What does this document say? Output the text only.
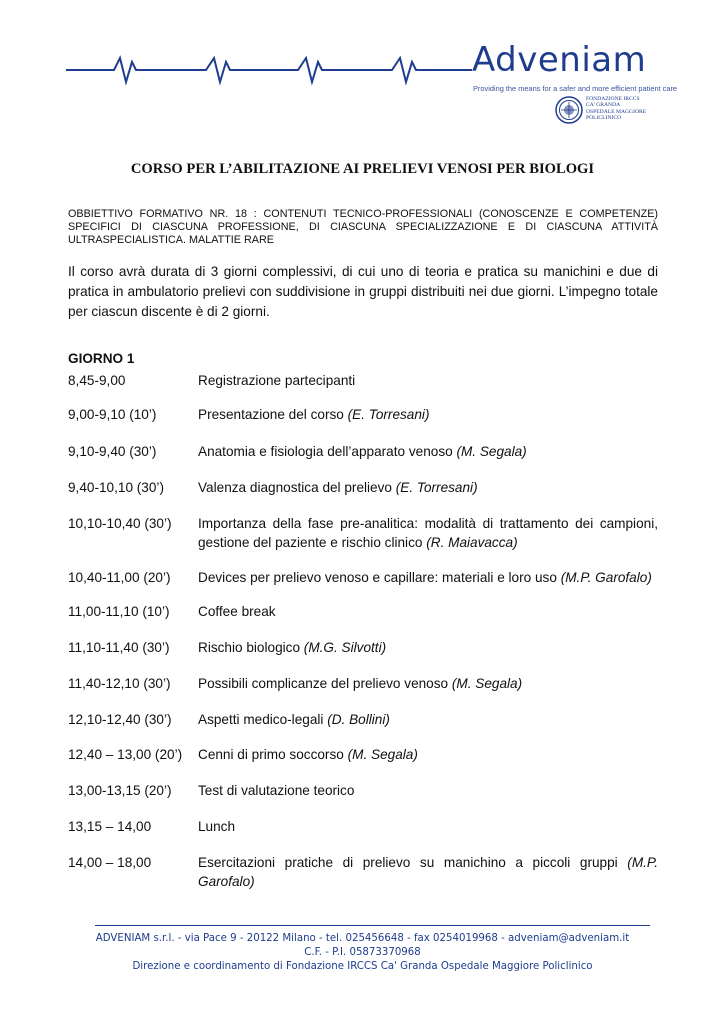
Adveniam
Providing the means for a safer and more efficient patient care
FONDAZIONE IRCCS
CA' GRANDA
OSPEDALE MAGGIORE
POLICLINICO
CORSO PER L’ABILITAZIONE AI PRELIEVI VENOSI PER BIOLOGI
OBBIETTIVO FORMATIVO NR. 18 : CONTENUTI TECNICO-PROFESSIONALI (CONOSCENZE E COMPETENZE) SPECIFICI DI CIASCUNA PROFESSIONE, DI CIASCUNA SPECIALIZZAZIONE E DI CIASCUNA ATTIVITÀ ULTRASPECIALISTICA. MALATTIE RARE
Il corso avrà durata di 3 giorni complessivi, di cui uno di teoria e pratica su manichini e due di pratica in ambulatorio prelievi con suddivisione in gruppi distribuiti nei due giorni. L’impegno totale per ciascun discente è di 2 giorni.
GIORNO 1
8,45-9,00	Registrazione partecipanti
9,00-9,10 (10’)	Presentazione del corso (E. Torresani)
9,10-9,40 (30’)	Anatomia e fisiologia dell’apparato venoso (M. Segala)
9,40-10,10 (30’)	Valenza diagnostica del prelievo (E. Torresani)
10,10-10,40 (30’) Importanza della fase pre-analitica: modalità di trattamento dei campioni, gestione del paziente e rischio clinico (R. Maiavacca)
10,40-11,00 (20’) Devices per prelievo venoso e capillare: materiali e loro uso (M.P. Garofalo)
11,00-11,10 (10’) Coffee break
11,10-11,40 (30’) Rischio biologico (M.G. Silvotti)
11,40-12,10 (30’) Possibili complicanze del prelievo venoso (M. Segala)
12,10-12,40 (30’) Aspetti medico-legali (D. Bollini)
12,40 – 13,00 (20’) Cenni di primo soccorso (M. Segala)
13,00-13,15 (20’) Test di valutazione teorico
13,15 – 14,00	Lunch
14,00 – 18,00	Esercitazioni pratiche di prelievo su manichino a piccoli gruppi (M.P. Garofalo)
ADVENIAM s.r.l. - via Pace 9 - 20122 Milano - tel. 025456648 - fax 0254019968 - adveniam@adveniam.it
C.F. - P.I. 05873370968
Direzione e coordinamento di Fondazione IRCCS Ca' Granda Ospedale Maggiore Policlinico
